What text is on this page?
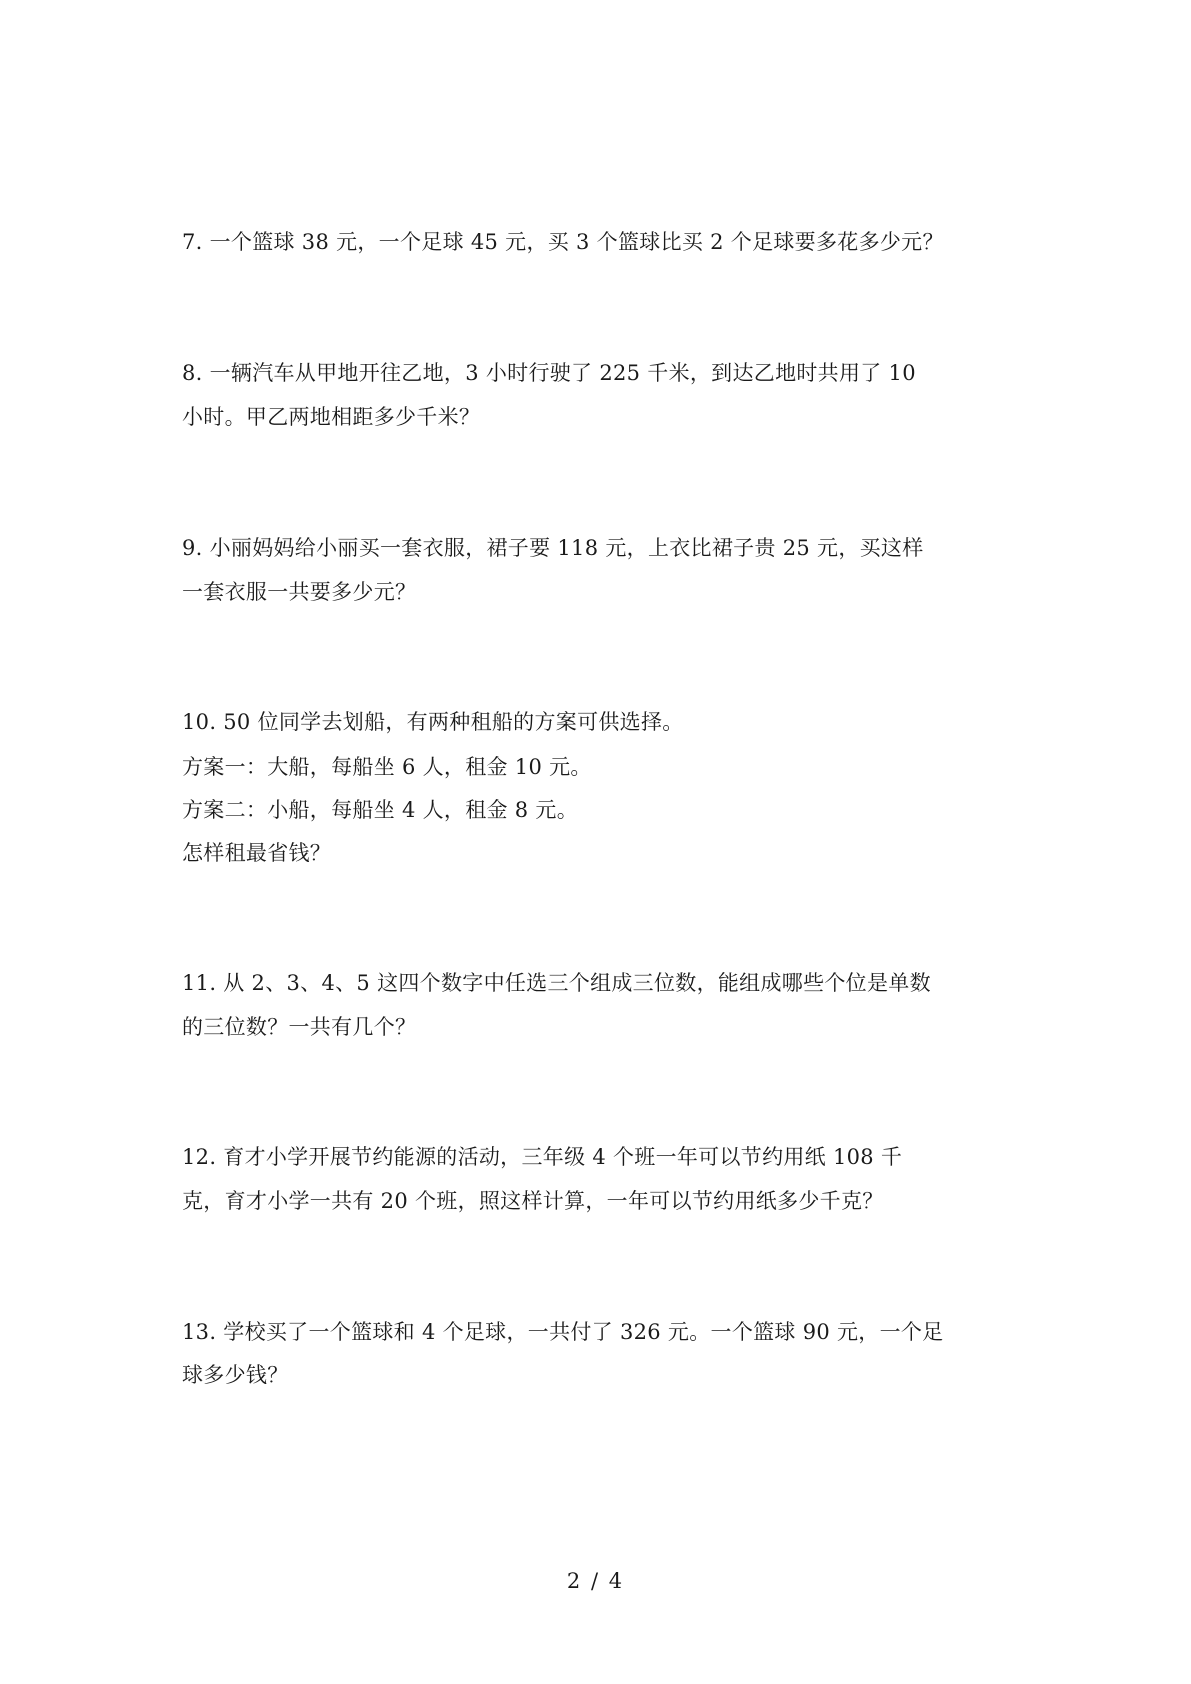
7. 一个篮球 38 元，一个足球 45 元，买 3 个篮球比买 2 个足球要多花多少元？
8. 一辆汽车从甲地开往乙地，3 小时行驶了 225 千米，到达乙地时共用了 10
小时。甲乙两地相距多少千米？
9. 小丽妈妈给小丽买一套衣服，裙子要 118 元，上衣比裙子贵 25 元，买这样
一套衣服一共要多少元？
10. 50 位同学去划船，有两种租船的方案可供选择。
方案一：大船，每船坐 6 人，租金 10 元。
方案二：小船，每船坐 4 人，租金 8 元。
怎样租最省钱？
11. 从 2、3、4、5 这四个数字中任选三个组成三位数，能组成哪些个位是单数
的三位数？一共有几个？
12. 育才小学开展节约能源的活动，三年级 4 个班一年可以节约用纸 108 千
克，育才小学一共有 20 个班，照这样计算，一年可以节约用纸多少千克？
13. 学校买了一个篮球和 4 个足球，一共付了 326 元。一个篮球 90 元，一个足
球多少钱？
2 / 4
